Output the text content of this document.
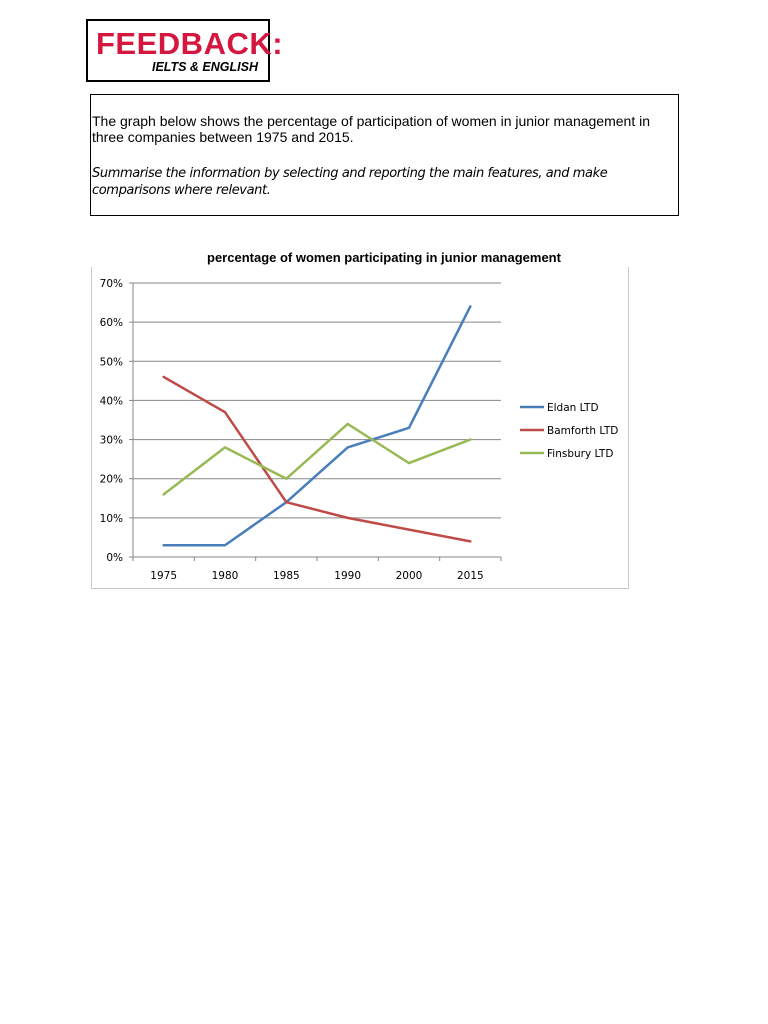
FEEDBACK:
IELTS & ENGLISH
The graph below shows the percentage of participation of women in junior management in three companies between 1975 and 2015.
Summarise the information by selecting and reporting the main features, and make comparisons where relevant.
percentage of women participating in junior management
0%
10%
20%
30%
40%
50%
60%
70%
1975	1980	1985	1990	2000	2015
Eldan LTD
Bamforth LTD
Finsbury LTD
